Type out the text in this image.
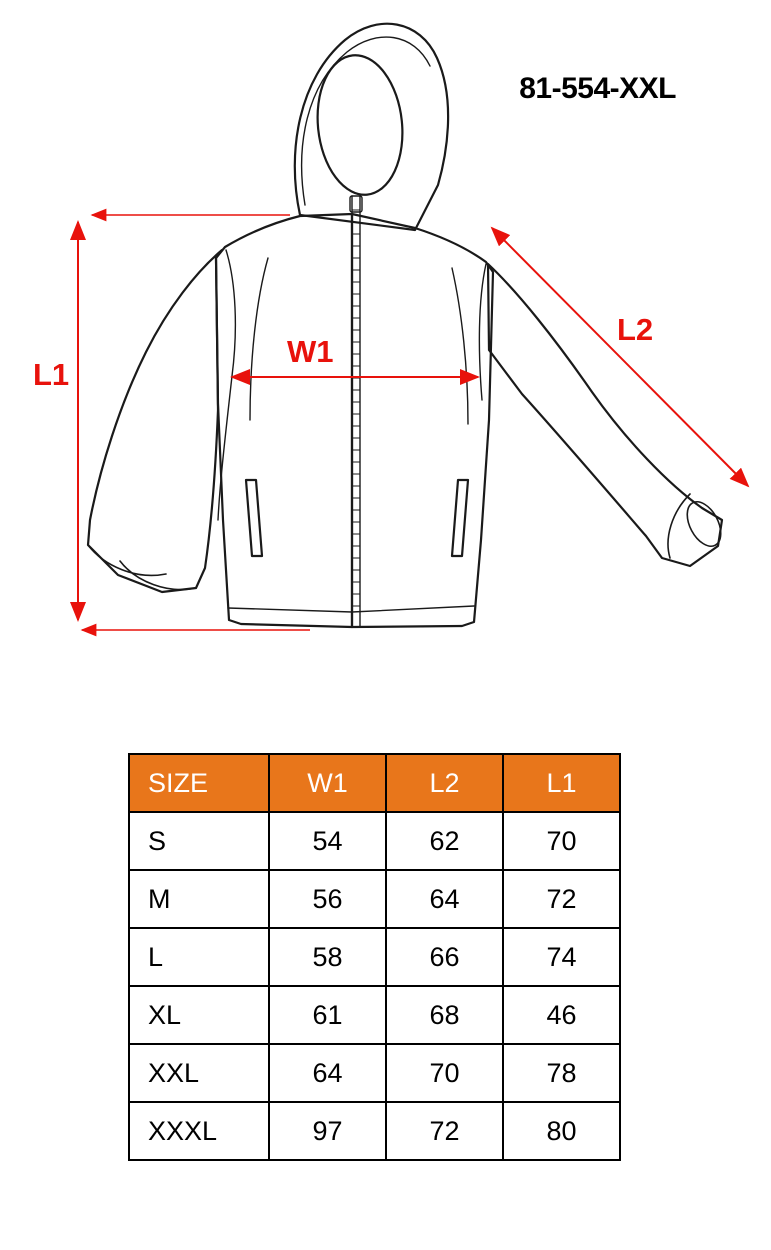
81-554-XXL
L1
L2
W1
SIZE	W1	L2	L1
S	54	62	70
M	56	64	72
L	58	66	74
XL	61	68	46
XXL	64	70	78
XXXL	97	72	80
